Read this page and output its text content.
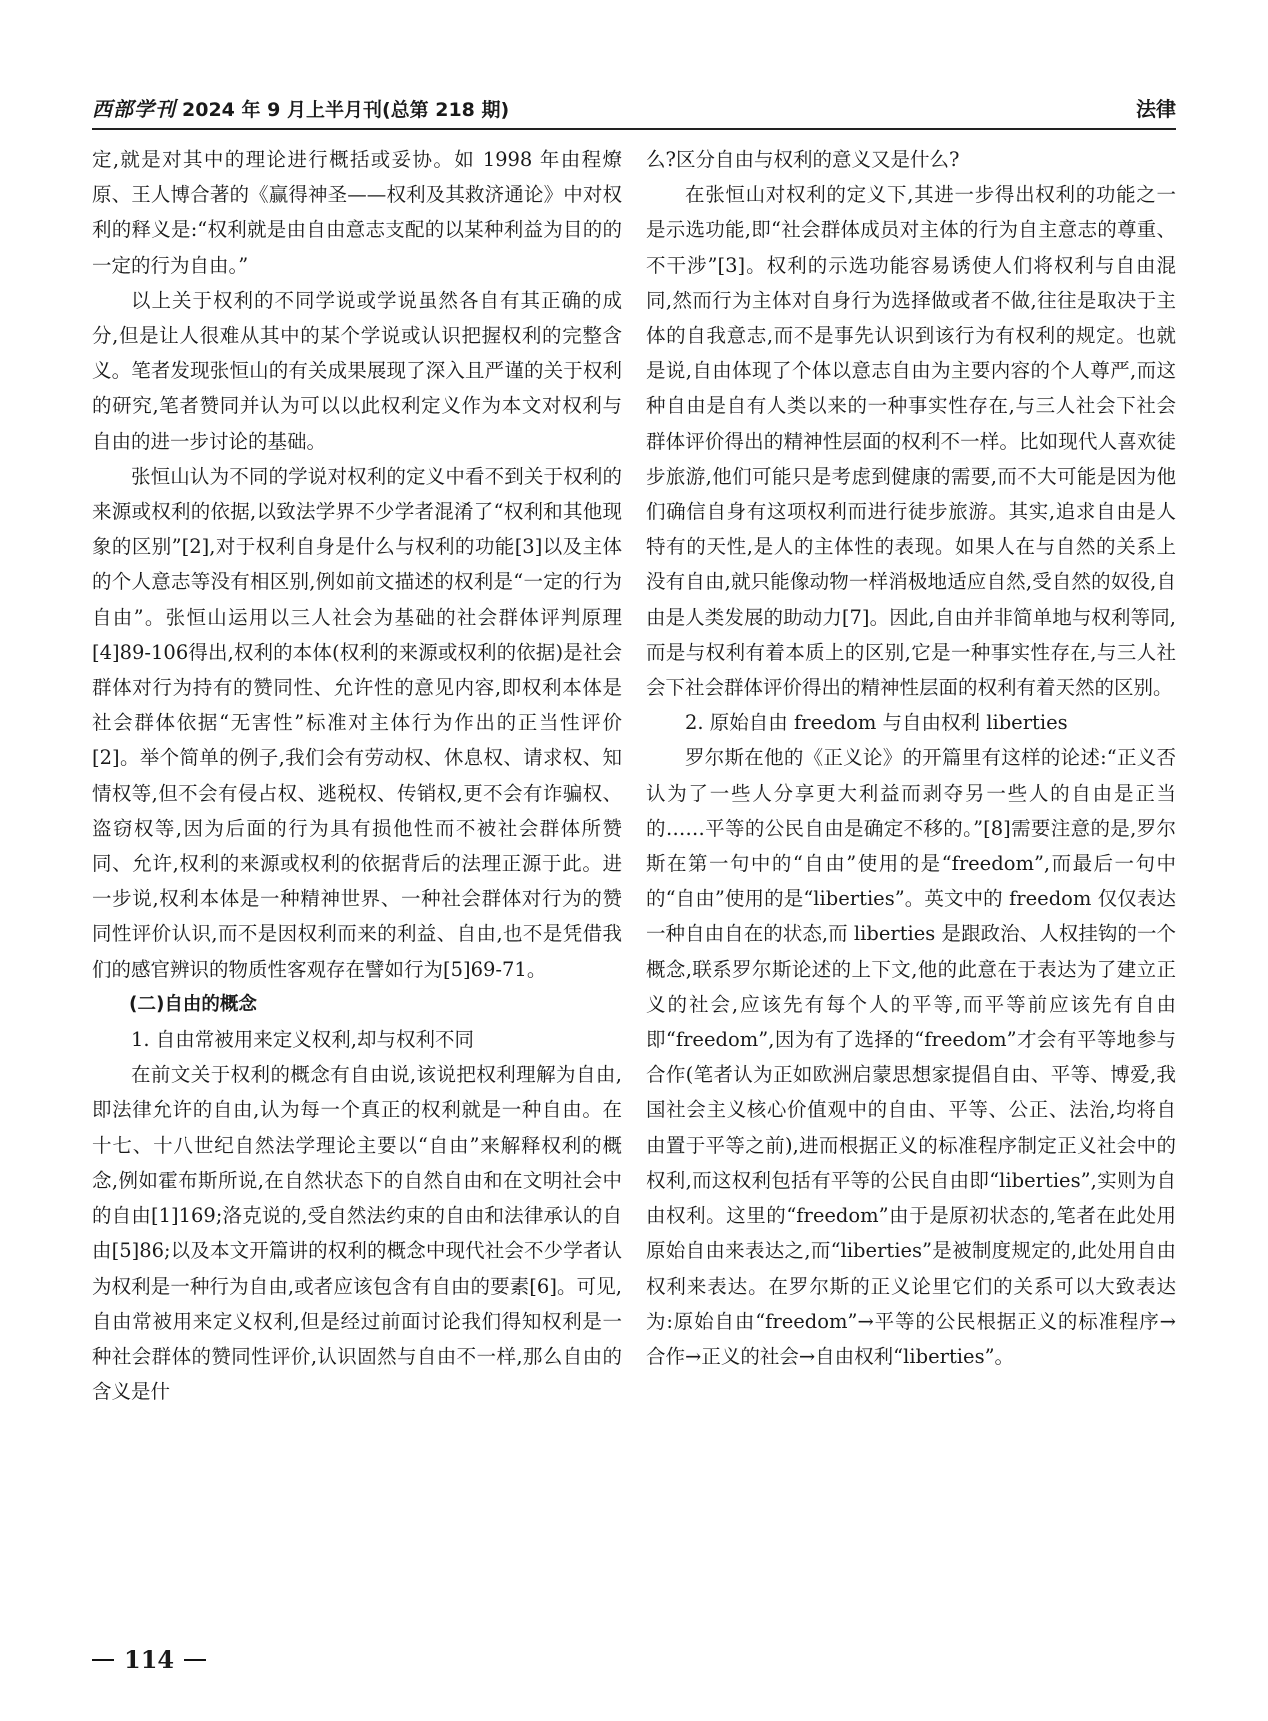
西部学刊 2024 年 9 月上半月刊(总第 218 期)	法律

定,就是对其中的理论进行概括或妥协。如 1998 年由程燎原、王人博合著的《赢得神圣——权利及其救济通论》中对权利的释义是:“权利就是由自由意志支配的以某种利益为目的的一定的行为自由。”

以上关于权利的不同学说或学说虽然各自有其正确的成分,但是让人很难从其中的某个学说或认识把握权利的完整含义。笔者发现张恒山的有关成果展现了深入且严谨的关于权利的研究,笔者赞同并认为可以以此权利定义作为本文对权利与自由的进一步讨论的基础。

张恒山认为不同的学说对权利的定义中看不到关于权利的来源或权利的依据,以致法学界不少学者混淆了“权利和其他现象的区别”[2],对于权利自身是什么与权利的功能[3]以及主体的个人意志等没有相区别,例如前文描述的权利是“一定的行为自由”。张恒山运用以三人社会为基础的社会群体评判原理[4]89-106得出,权利的本体(权利的来源或权利的依据)是社会群体对行为持有的赞同性、允许性的意见内容,即权利本体是社会群体依据“无害性”标准对主体行为作出的正当性评价[2]。举个简单的例子,我们会有劳动权、休息权、请求权、知情权等,但不会有侵占权、逃税权、传销权,更不会有诈骗权、盗窃权等,因为后面的行为具有损他性而不被社会群体所赞同、允许,权利的来源或权利的依据背后的法理正源于此。进一步说,权利本体是一种精神世界、一种社会群体对行为的赞同性评价认识,而不是因权利而来的利益、自由,也不是凭借我们的感官辨识的物质性客观存在譬如行为[5]69-71。

(二)自由的概念
1. 自由常被用来定义权利,却与权利不同

在前文关于权利的概念有自由说,该说把权利理解为自由,即法律允许的自由,认为每一个真正的权利就是一种自由。在十七、十八世纪自然法学理论主要以“自由”来解释权利的概念,例如霍布斯所说,在自然状态下的自然自由和在文明社会中的自由[1]169;洛克说的,受自然法约束的自由和法律承认的自由[5]86;以及本文开篇讲的权利的概念中现代社会不少学者认为权利是一种行为自由,或者应该包含有自由的要素[6]。可见,自由常被用来定义权利,但是经过前面讨论我们得知权利是一种社会群体的赞同性评价,认识固然与自由不一样,那么自由的含义是什

么?区分自由与权利的意义又是什么?

在张恒山对权利的定义下,其进一步得出权利的功能之一是示选功能,即“社会群体成员对主体的行为自主意志的尊重、不干涉”[3]。权利的示选功能容易诱使人们将权利与自由混同,然而行为主体对自身行为选择做或者不做,往往是取决于主体的自我意志,而不是事先认识到该行为有权利的规定。也就是说,自由体现了个体以意志自由为主要内容的个人尊严,而这种自由是自有人类以来的一种事实性存在,与三人社会下社会群体评价得出的精神性层面的权利不一样。比如现代人喜欢徒步旅游,他们可能只是考虑到健康的需要,而不大可能是因为他们确信自身有这项权利而进行徒步旅游。其实,追求自由是人特有的天性,是人的主体性的表现。如果人在与自然的关系上没有自由,就只能像动物一样消极地适应自然,受自然的奴役,自由是人类发展的助动力[7]。因此,自由并非简单地与权利等同,而是与权利有着本质上的区别,它是一种事实性存在,与三人社会下社会群体评价得出的精神性层面的权利有着天然的区别。

2. 原始自由 freedom 与自由权利 liberties

罗尔斯在他的《正义论》的开篇里有这样的论述:“正义否认为了一些人分享更大利益而剥夺另一些人的自由是正当的……平等的公民自由是确定不移的。”[8]需要注意的是,罗尔斯在第一句中的“自由”使用的是“freedom”,而最后一句中的“自由”使用的是“liberties”。英文中的 freedom 仅仅表达一种自由自在的状态,而 liberties 是跟政治、人权挂钩的一个概念,联系罗尔斯论述的上下文,他的此意在于表达为了建立正义的社会,应该先有每个人的平等,而平等前应该先有自由即“freedom”,因为有了选择的“freedom”才会有平等地参与合作(笔者认为正如欧洲启蒙思想家提倡自由、平等、博爱,我国社会主义核心价值观中的自由、平等、公正、法治,均将自由置于平等之前),进而根据正义的标准程序制定正义社会中的权利,而这权利包括有平等的公民自由即“liberties”,实则为自由权利。这里的“freedom”由于是原初状态的,笔者在此处用原始自由来表达之,而“liberties”是被制度规定的,此处用自由权利来表达。在罗尔斯的正义论里它们的关系可以大致表达为:原始自由“freedom”→平等的公民根据正义的标准程序→合作→正义的社会→自由权利“liberties”。

114
